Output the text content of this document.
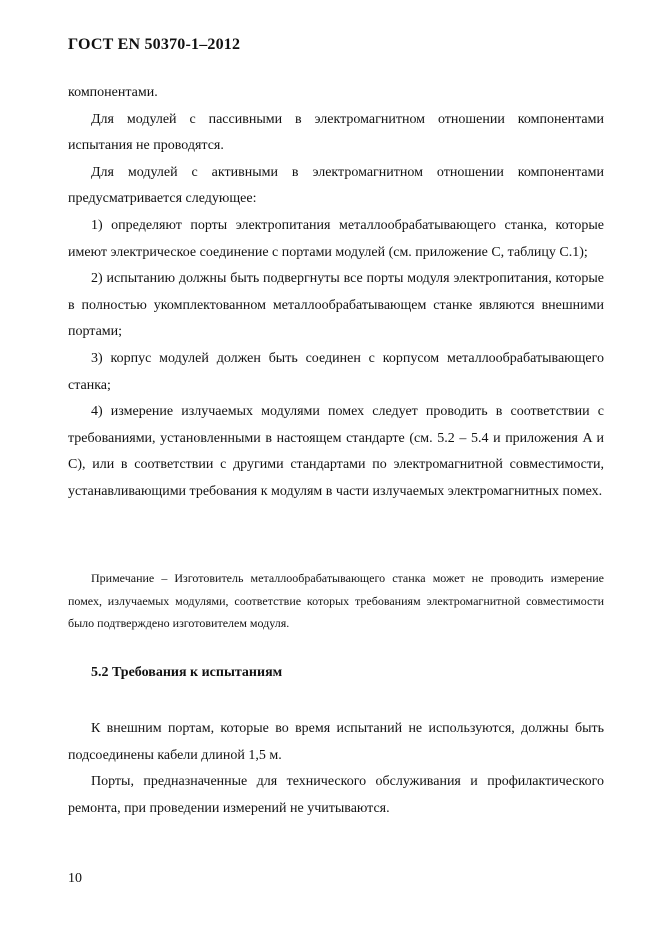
ГОСТ EN 50370-1–2012

компонентами.

Для модулей с пассивными в электромагнитном отношении компонентами испытания не проводятся.

Для модулей с активными в электромагнитном отношении компонентами предусматривается следующее:

1) определяют порты электропитания металлообрабатывающего станка, которые имеют электрическое соединение с портами модулей (см. приложение C, таблицу C.1);

2) испытанию должны быть подвергнуты все порты модуля электропитания, которые в полностью укомплектованном металлообрабатывающем станке являются внешними портами;

3) корпус модулей должен быть соединен с корпусом металлообрабатывающего станка;

4) измерение излучаемых модулями помех следует проводить в соответствии с требованиями, установленными в настоящем стандарте (см. 5.2 – 5.4 и приложения A и C), или в соответствии с другими стандартами по электромагнитной совместимости, устанавливающими требования к модулям в части излучаемых электромагнитных помех.

Примечание – Изготовитель металлообрабатывающего станка может не проводить измерение помех, излучаемых модулями, соответствие которых требованиям электромагнитной совместимости было подтверждено изготовителем модуля.

5.2 Требования к испытаниям

К внешним портам, которые во время испытаний не используются, должны быть подсоединены кабели длиной 1,5 м.

Порты, предназначенные для технического обслуживания и профилактического ремонта, при проведении измерений не учитываются.

10
